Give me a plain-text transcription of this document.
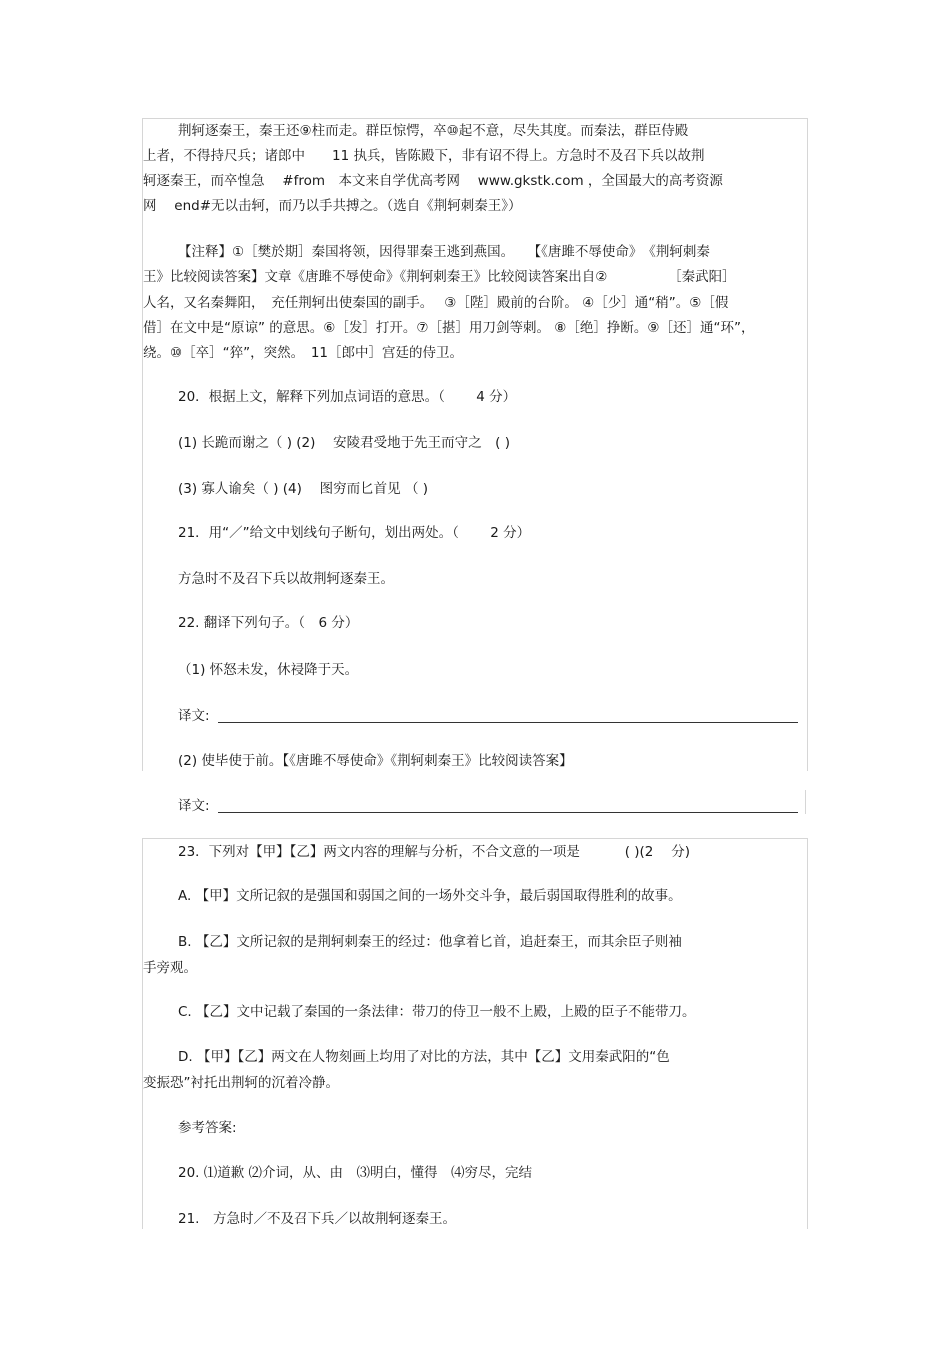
荆轲逐秦王，秦王还⑨柱而走。群臣惊愕，卒⑩起不意，尽失其度。而秦法，群臣侍殿
上者，不得持尺兵；诸郎中　　11 执兵，皆陈殿下，非有诏不得上。方急时不及召下兵以故荆
轲逐秦王，而卒惶急　 #from　本文来自学优高考网　 www.gkstk.com ，全国最大的高考资源
网　 end#无以击轲，而乃以手共搏之。（选自《荆轲刺秦王》）
【注释】①［樊於期］秦国将领，因得罪秦王逃到燕国。　　【《唐雎不辱使命》　《荆轲刺秦
王》比较阅读答案】文章《唐雎不辱使命》《荆轲刺秦王》比较阅读答案出自②　　　　　［秦武阳］
人名，又名秦舞阳，　充任荆轲出使秦国的副手。　 ③［陛］殿前的台阶。 ④［少］通“稍”。⑤［假
借］在文中是“原谅” 的意思。⑥［发］打开。⑦［揕］用刀剑等刺。 ⑧［绝］挣断。⑨［还］通“环”，
绕。⑩［卒］“猝”，突然。　11［郎中］宫廷的侍卫。
20．根据上文，解释下列加点词语的意思。（　　 4 分）
(1) 长跪而谢之（ ) (2)　 安陵君受地于先王而守之　( )
(3) 寡人谕矣（ ) (4)　 图穷而匕首见 （ )
21．用“／”给文中划线句子断句，划出两处。（　　 2 分）
方急时不及召下兵以故荆轲逐秦王。
22. 翻译下列句子。（　6 分）
（1) 怀怒未发，休祲降于天。
译文:
(2) 使毕使于前。【《唐雎不辱使命》《荆轲刺秦王》比较阅读答案】
译文:
23．下列对【甲】【乙】两文内容的理解与分析，不合文意的一项是　　　 ( )(2　 分)
A. 【甲】文所记叙的是强国和弱国之间的一场外交斗争，最后弱国取得胜利的故事。
B. 【乙】文所记叙的是荆轲刺秦王的经过：他拿着匕首，追赶秦王，而其余臣子则袖
手旁观。
C. 【乙】文中记载了秦国的一条法律：带刀的侍卫一般不上殿，上殿的臣子不能带刀。
D. 【甲】【乙】两文在人物刻画上均用了对比的方法，其中【乙】文用秦武阳的“色
变振恐”衬托出荆轲的沉着冷静。
参考答案:
20. ⑴道歉 ⑵介词，从、由　⑶明白，懂得　⑷穷尽，完结
21.　方急时／不及召下兵／以故荆轲逐秦王。
